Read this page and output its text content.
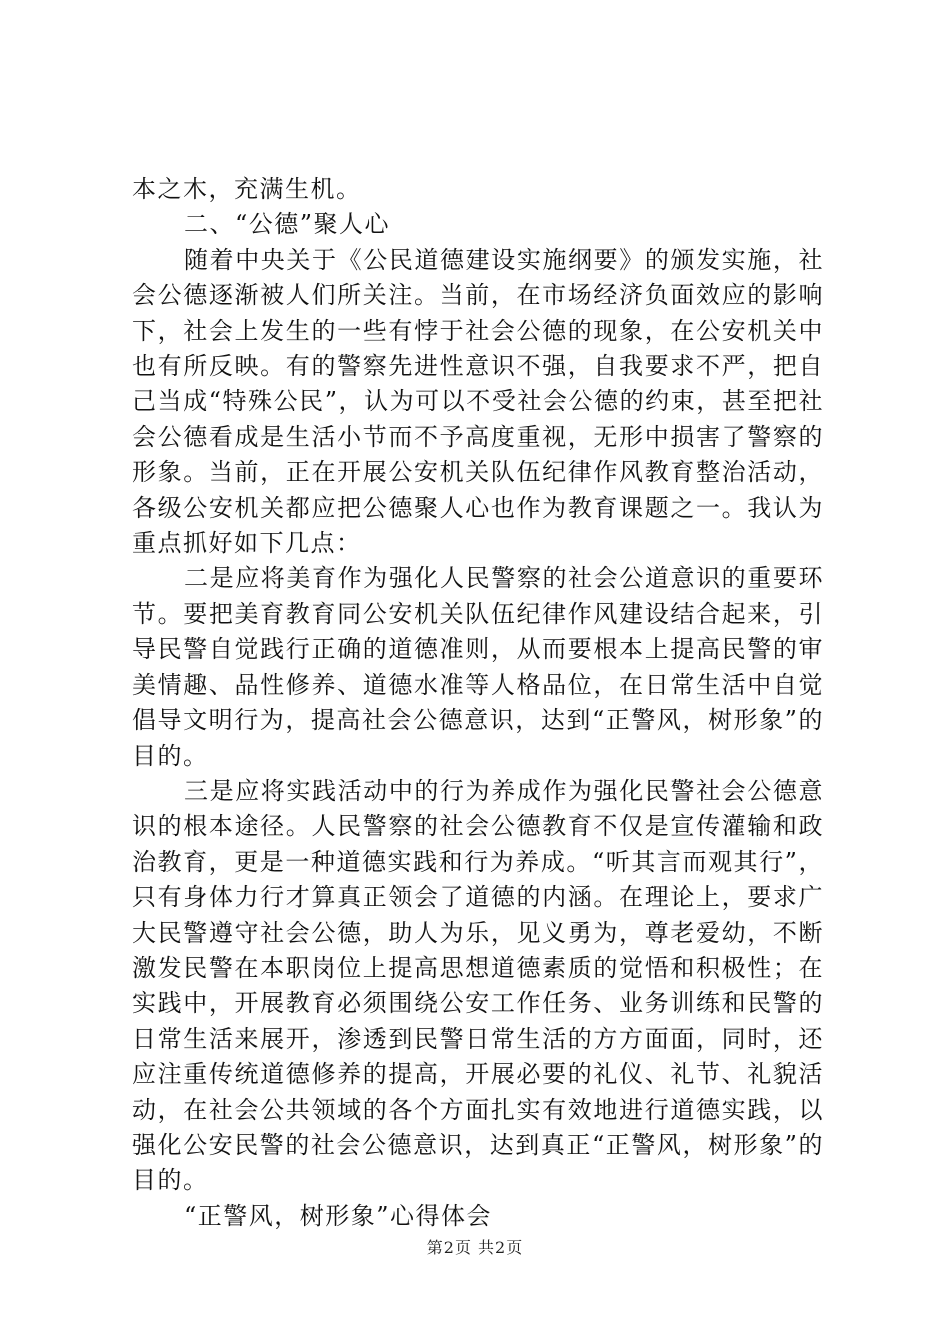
本之木，充满生机。

二、“公德”聚人心

随着中央关于《公民道德建设实施纲要》的颁发实施，社会公德逐渐被人们所关注。当前，在市场经济负面效应的影响下，社会上发生的一些有悖于社会公德的现象，在公安机关中也有所反映。有的警察先进性意识不强，自我要求不严，把自己当成“特殊公民”，认为可以不受社会公德的约束，甚至把社会公德看成是生活小节而不予高度重视，无形中损害了警察的形象。当前，正在开展公安机关队伍纪律作风教育整治活动，各级公安机关都应把公德聚人心也作为教育课题之一。我认为重点抓好如下几点：

二是应将美育作为强化人民警察的社会公道意识的重要环节。要把美育教育同公安机关队伍纪律作风建设结合起来，引导民警自觉践行正确的道德准则，从而要根本上提高民警的审美情趣、品性修养、道德水准等人格品位，在日常生活中自觉倡导文明行为，提高社会公德意识，达到“正警风，树形象”的目的。

三是应将实践活动中的行为养成作为强化民警社会公德意识的根本途径。人民警察的社会公德教育不仅是宣传灌输和政治教育，更是一种道德实践和行为养成。“听其言而观其行”，只有身体力行才算真正领会了道德的内涵。在理论上，要求广大民警遵守社会公德，助人为乐，见义勇为，尊老爱幼，不断激发民警在本职岗位上提高思想道德素质的觉悟和积极性；在实践中，开展教育必须围绕公安工作任务、业务训练和民警的日常生活来展开，渗透到民警日常生活的方方面面，同时，还应注重传统道德修养的提高，开展必要的礼仪、礼节、礼貌活动，在社会公共领域的各个方面扎实有效地进行道德实践，以强化公安民警的社会公德意识，达到真正“正警风，树形象”的目的。

“正警风，树形象”心得体会

第2页 共2页
